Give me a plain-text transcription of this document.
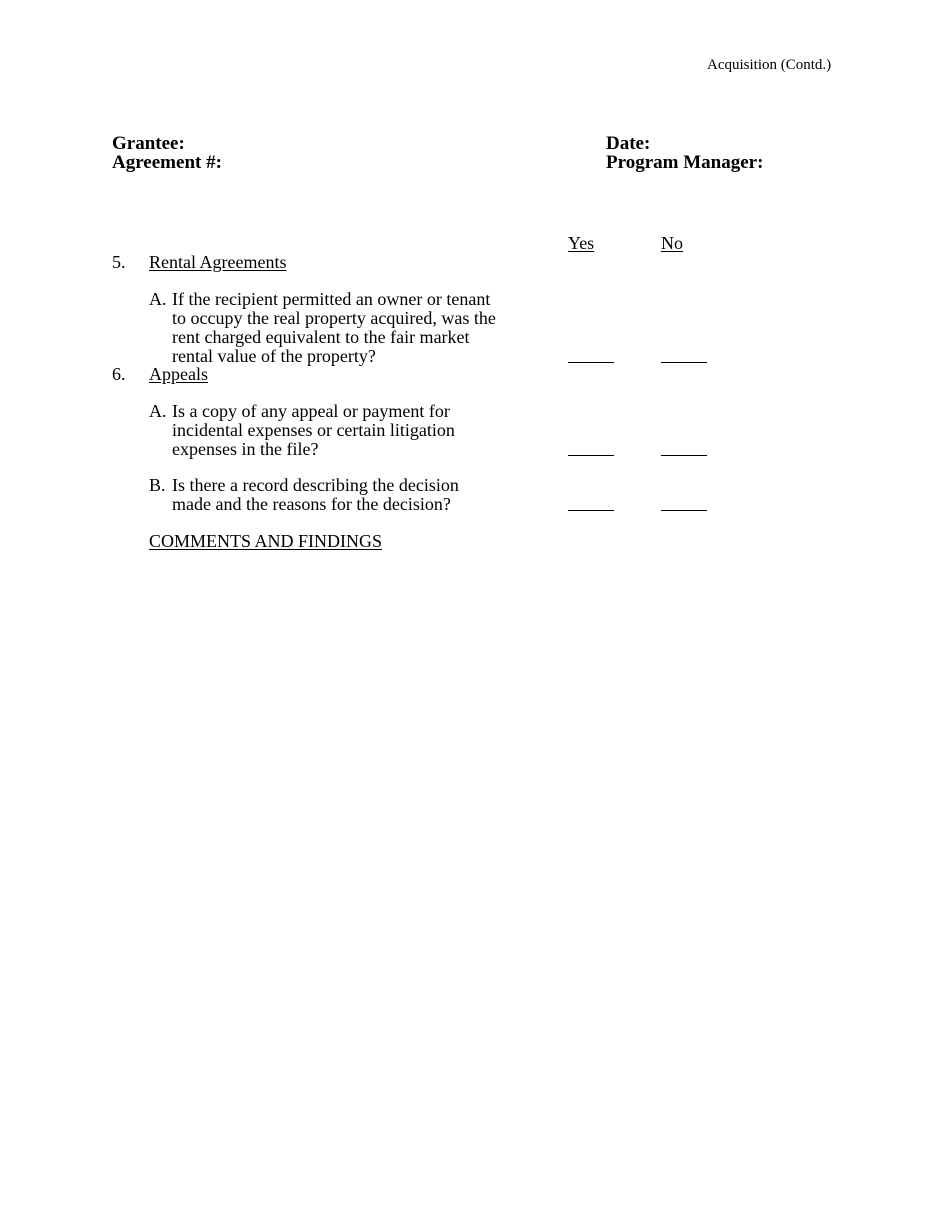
Acquisition (Contd.)
Grantee:
Agreement #:
Date:
Program Manager:
Yes	No
5. Rental Agreements
A. If the recipient permitted an owner or tenant
to occupy the real property acquired, was the
rent charged equivalent to the fair market
rental value of the property?
6. Appeals
A. Is a copy of any appeal or payment for
incidental expenses or certain litigation
expenses in the file?
B. Is there a record describing the decision
made and the reasons for the decision?
COMMENTS AND FINDINGS
